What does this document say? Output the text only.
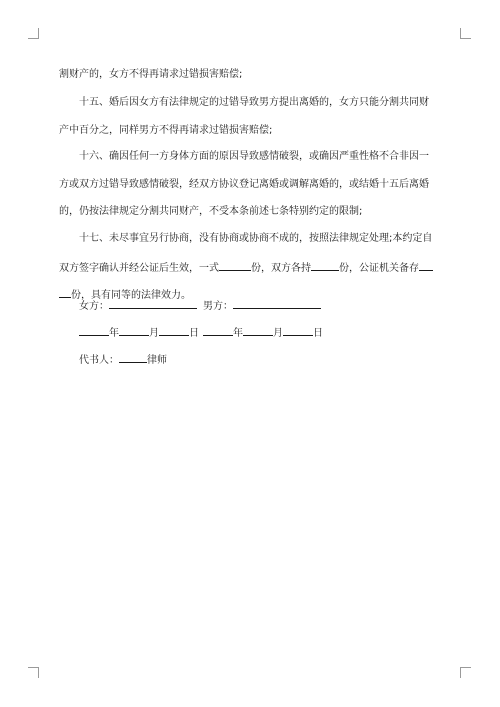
割财产的，女方不得再请求过错损害赔偿;
十五、婚后因女方有法律规定的过错导致男方提出离婚的，女方只能分割共同财
产中百分之，同样男方不得再请求过错损害赔偿;
十六、确因任何一方身体方面的原因导致感情破裂，或确因严重性格不合非因一
方或双方过错导致感情破裂，经双方协议登记离婚或调解离婚的，或结婚十五后离婚
的，仍按法律规定分割共同财产，不受本条前述七条特别约定的限制;
十七、未尽事宜另行协商，没有协商或协商不成的，按照法律规定处理;本约定自
双方签字确认并经公证后生效，一式	份，双方各持	份，公证机关备存
份，具有同等的法律效力。
女方：	男方：
年	月	日	年	月	日
代书人：	律师
